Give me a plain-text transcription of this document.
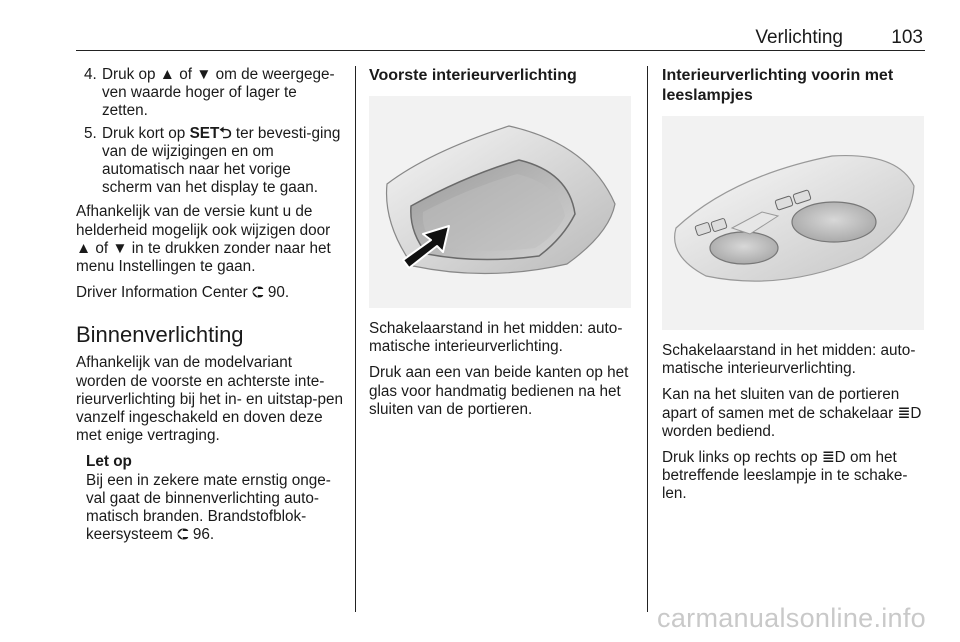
Verlichting	103
4. Druk op ▲ of ▼ om de weergege-ven waarde hoger of lager te zetten.
5. Druk kort op SET⮌ ter bevesti-ging van de wijzigingen en om automatisch naar het vorige scherm van het display te gaan.

Afhankelijk van de versie kunt u de helderheid mogelijk ook wijzigen door ▲ of ▼ in te drukken zonder naar het menu Instellingen te gaan.

Driver Information Center ⮈ 90.

Binnenverlichting

Afhankelijk van de modelvariant worden de voorste en achterste inte-rieurverlichting bij het in- en uitstap-pen vanzelf ingeschakeld en doven deze met enige vertraging.

Let op
Bij een in zekere mate ernstig onge-val gaat de binnenverlichting auto-matisch branden. Brandstofblok-keersysteem ⮈ 96.
Voorste interieurverlichting

Schakelaarstand in het midden: auto-matische interieurverlichting.

Druk aan een van beide kanten op het glas voor handmatig bedienen na het sluiten van de portieren.

Interieurverlichting voorin met leeslampjes

Schakelaarstand in het midden: auto-matische interieurverlichting.

Kan na het sluiten van de portieren apart of samen met de schakelaar ≣D worden bediend.

Druk links op rechts op ≣D om het betreffende leeslampje in te schake-len.

carmanualsonline.info
